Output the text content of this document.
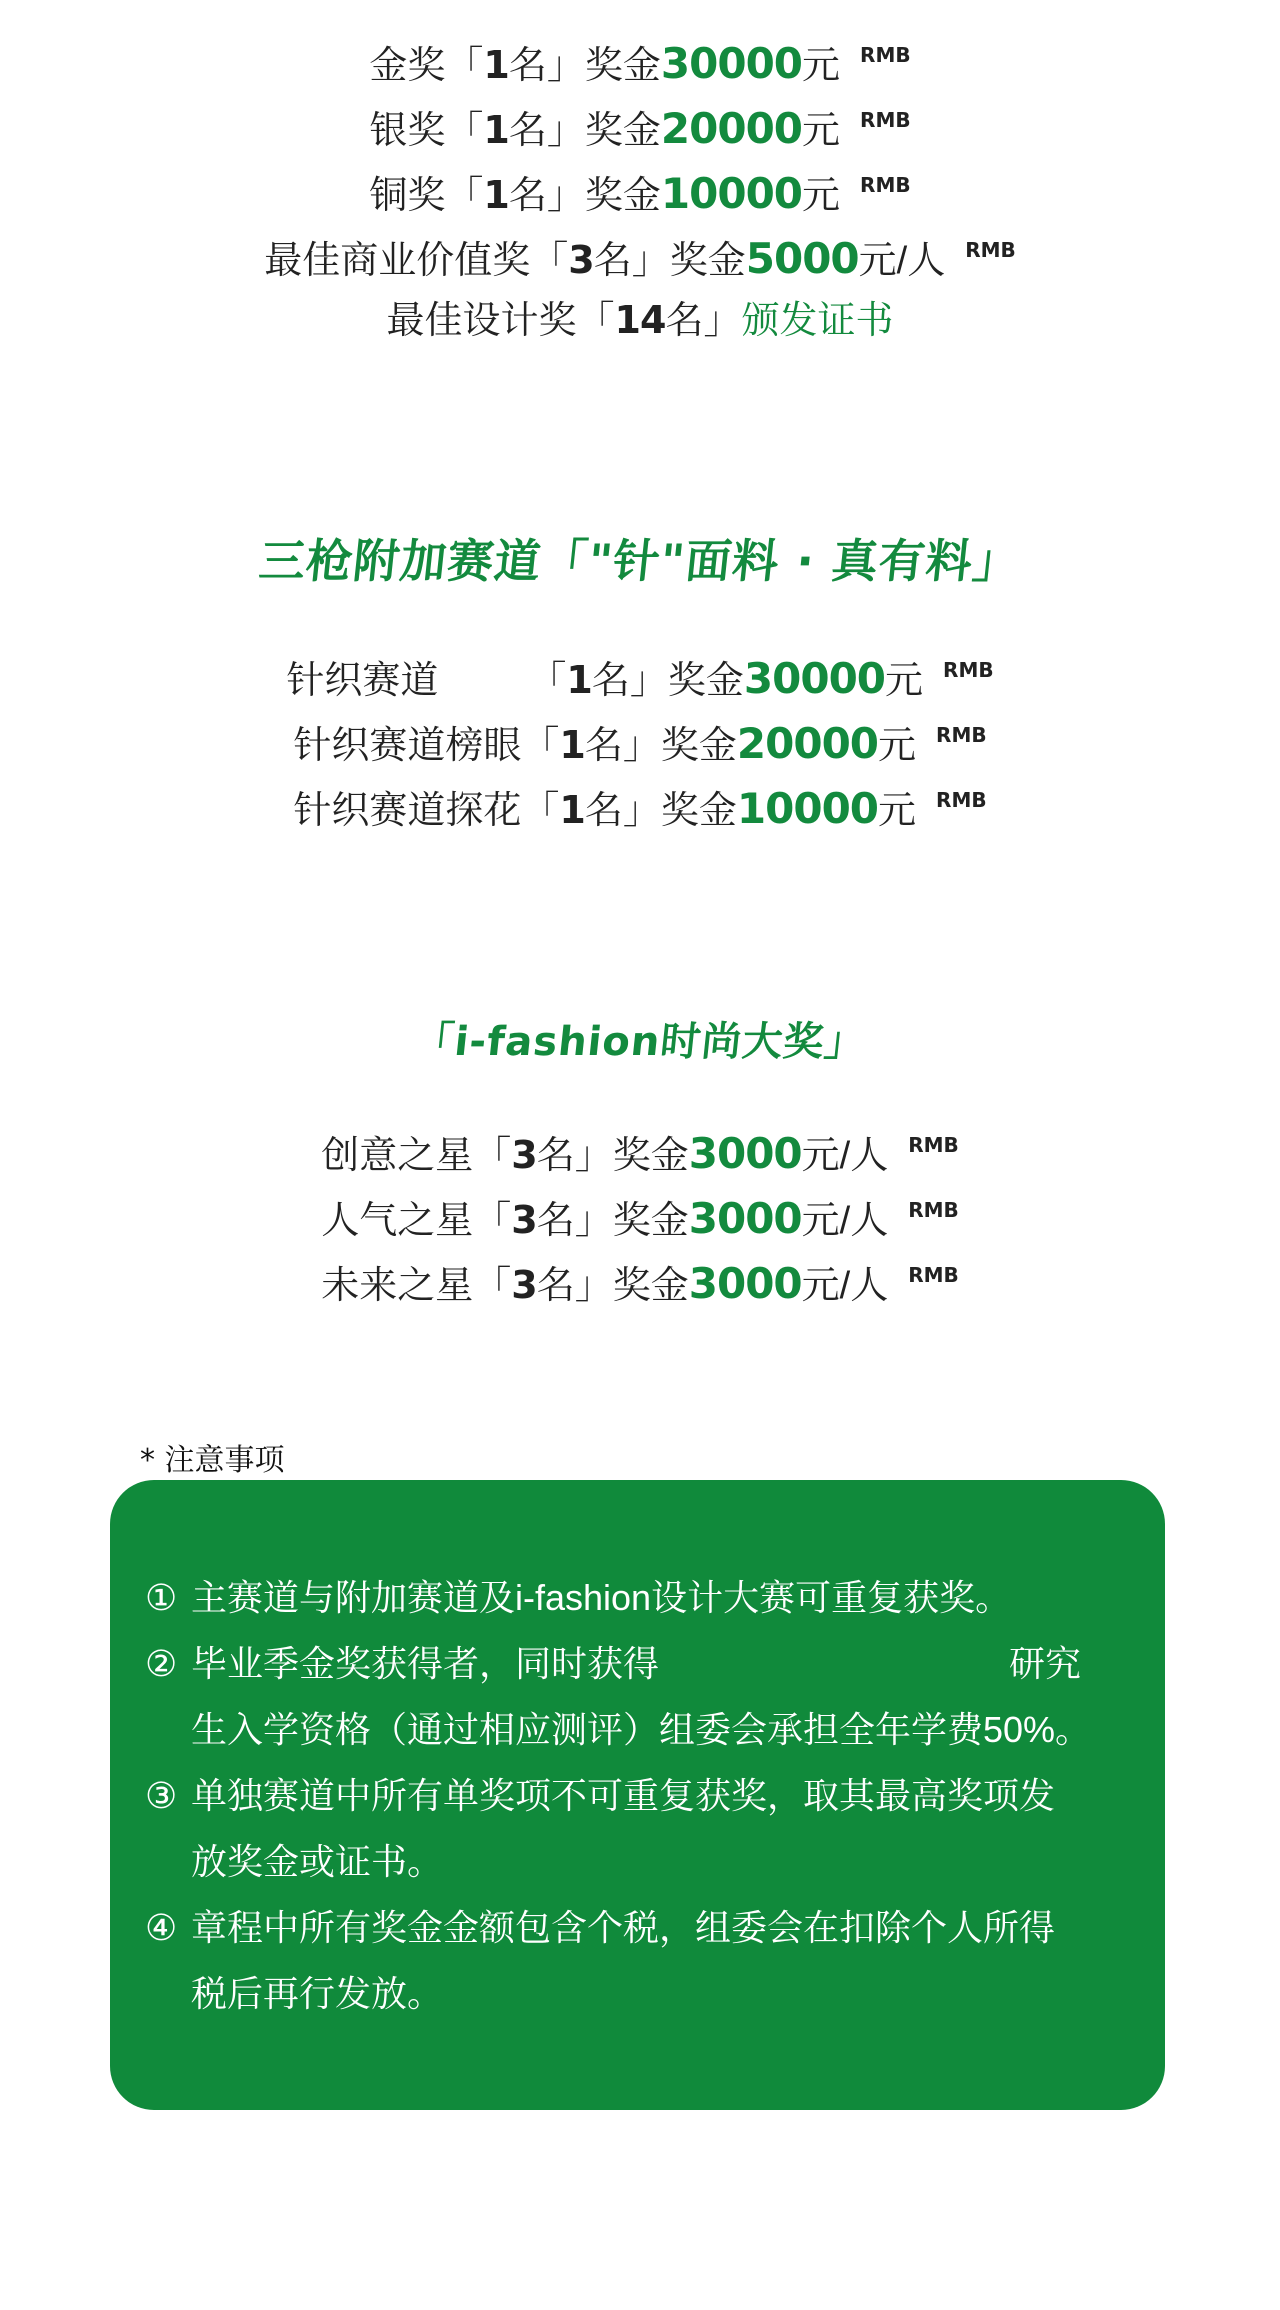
金奖「1名」奖金30000元 $^{RMB}$
银奖「1名」奖金20000元 $^{RMB}$
铜奖「1名」奖金10000元 $^{RMB}$
最佳商业价值奖「3名」奖金5000元/人 $^{RMB}$
最佳设计奖「14名」颁发证书
三枪附加赛道「"针"面料 · 真有料」
针织赛道 「1名」奖金30000元 $^{RMB}$
针织赛道榜眼「1名」奖金20000元 $^{RMB}$
针织赛道探花「1名」奖金10000元 $^{RMB}$
「i-fashion时尚大奖」
创意之星「3名」奖金3000元/人 $^{RMB}$
人气之星「3名」奖金3000元/人 $^{RMB}$
未来之星「3名」奖金3000元/人 $^{RMB}$
* 注意事项
① 主赛道与附加赛道及i-fashion设计大赛可重复获奖。
② 毕业季金奖获得者，同时获得	研究
生入学资格（通过相应测评）组委会承担全年学费50%。
③ 单独赛道中所有单奖项不可重复获奖，取其最高奖项发
放奖金或证书。
④ 章程中所有奖金金额包含个税，组委会在扣除个人所得
税后再行发放。
